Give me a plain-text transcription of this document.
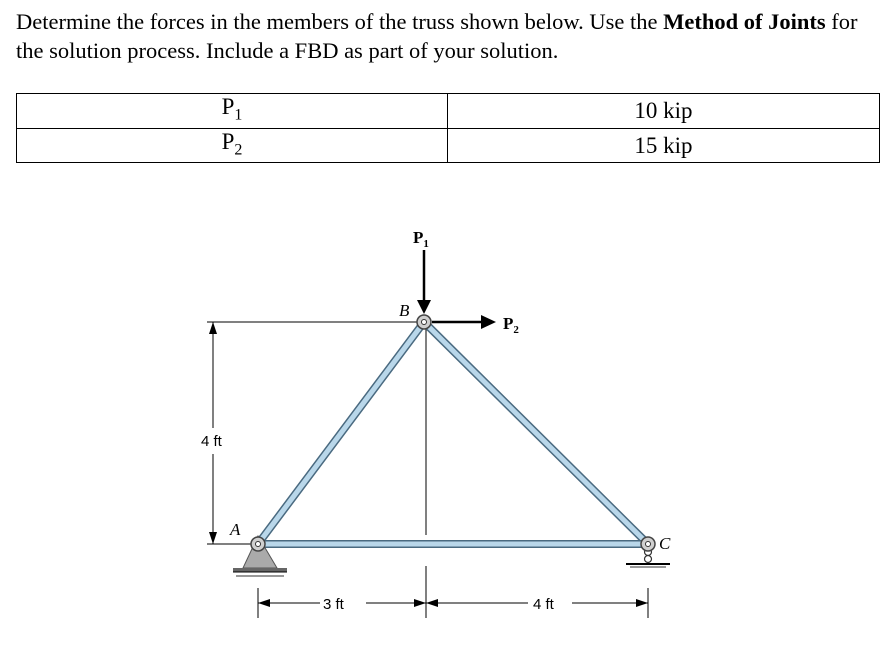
Determine the forces in the members of the truss shown below. Use the Method of Joints for the solution process. Include a FBD as part of your solution.
$P_1$	10 kip
$P_2$	15 kip
$P_1$
$P_2$
B
A
C
4 ft
3 ft	4 ft
